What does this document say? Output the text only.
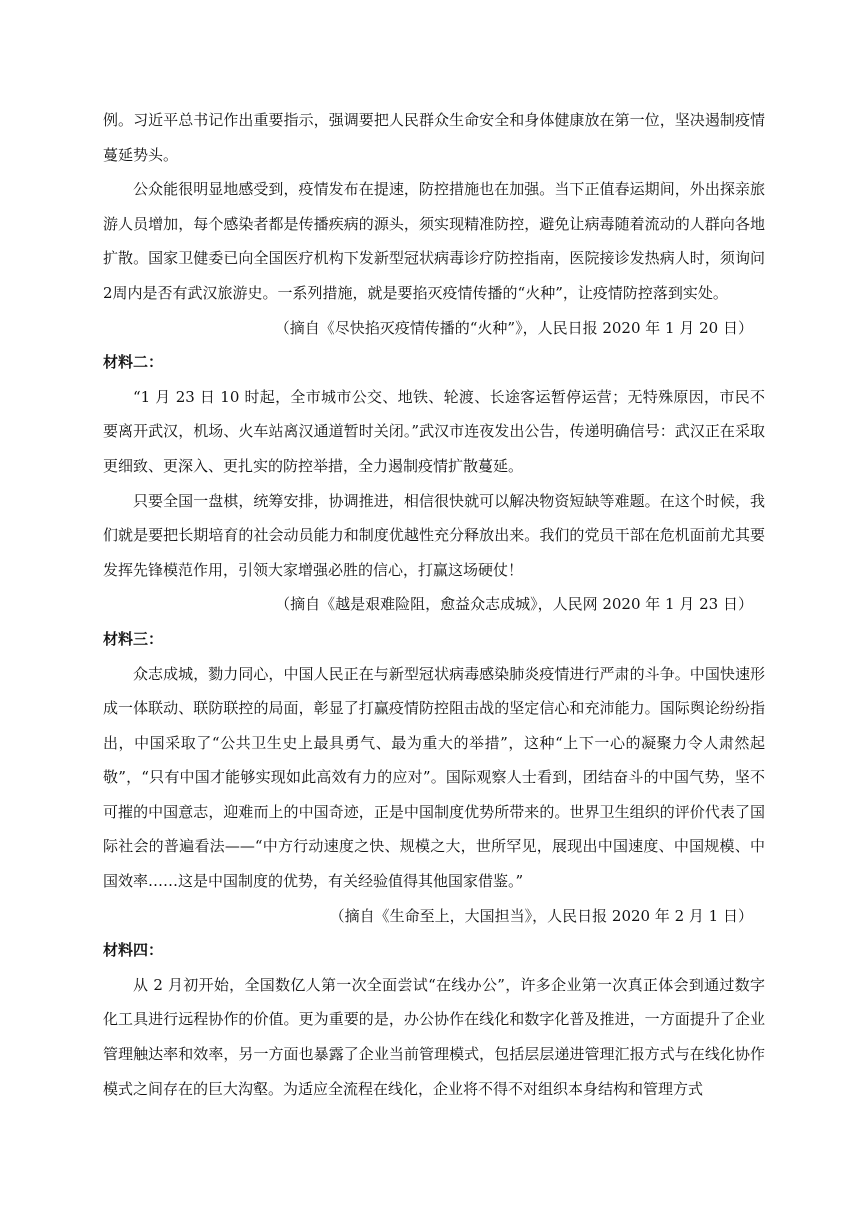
例。习近平总书记作出重要指示，强调要把人民群众生命安全和身体健康放在第一位，坚决遏制疫情蔓延势头。

公众能很明显地感受到，疫情发布在提速，防控措施也在加强。当下正值春运期间，外出探亲旅游人员增加，每个感染者都是传播疾病的源头，须实现精准防控，避免让病毒随着流动的人群向各地扩散。国家卫健委已向全国医疗机构下发新型冠状病毒诊疗防控指南，医院接诊发热病人时，须询问2周内是否有武汉旅游史。一系列措施，就是要掐灭疫情传播的“火种”，让疫情防控落到实处。

（摘自《尽快掐灭疫情传播的“火种”》，人民日报 2020 年 1 月 20 日）

材料二：

“1 月 23 日 10 时起，全市城市公交、地铁、轮渡、长途客运暂停运营；无特殊原因，市民不要离开武汉，机场、火车站离汉通道暂时关闭。”武汉市连夜发出公告，传递明确信号：武汉正在采取更细致、更深入、更扎实的防控举措，全力遏制疫情扩散蔓延。

只要全国一盘棋，统筹安排，协调推进，相信很快就可以解决物资短缺等难题。在这个时候，我们就是要把长期培育的社会动员能力和制度优越性充分释放出来。我们的党员干部在危机面前尤其要发挥先锋模范作用，引领大家增强必胜的信心，打赢这场硬仗！

（摘自《越是艰难险阻，愈益众志成城》，人民网 2020 年 1 月 23 日）

材料三：

众志成城，勠力同心，中国人民正在与新型冠状病毒感染肺炎疫情进行严肃的斗争。中国快速形成一体联动、联防联控的局面，彰显了打赢疫情防控阻击战的坚定信心和充沛能力。国际舆论纷纷指出，中国采取了“公共卫生史上最具勇气、最为重大的举措”，这种“上下一心的凝聚力令人肃然起敬”，“只有中国才能够实现如此高效有力的应对”。国际观察人士看到，团结奋斗的中国气势，坚不可摧的中国意志，迎难而上的中国奇迹，正是中国制度优势所带来的。世界卫生组织的评价代表了国际社会的普遍看法——“中方行动速度之快、规模之大，世所罕见，展现出中国速度、中国规模、中国效率……这是中国制度的优势，有关经验值得其他国家借鉴。”

（摘自《生命至上，大国担当》，人民日报 2020 年 2 月 1 日）

材料四：

从 2 月初开始，全国数亿人第一次全面尝试“在线办公”，许多企业第一次真正体会到通过数字化工具进行远程协作的价值。更为重要的是，办公协作在线化和数字化普及推进，一方面提升了企业管理触达率和效率，另一方面也暴露了企业当前管理模式，包括层层递进管理汇报方式与在线化协作模式之间存在的巨大沟壑。为适应全流程在线化，企业将不得不对组织本身结构和管理方式
